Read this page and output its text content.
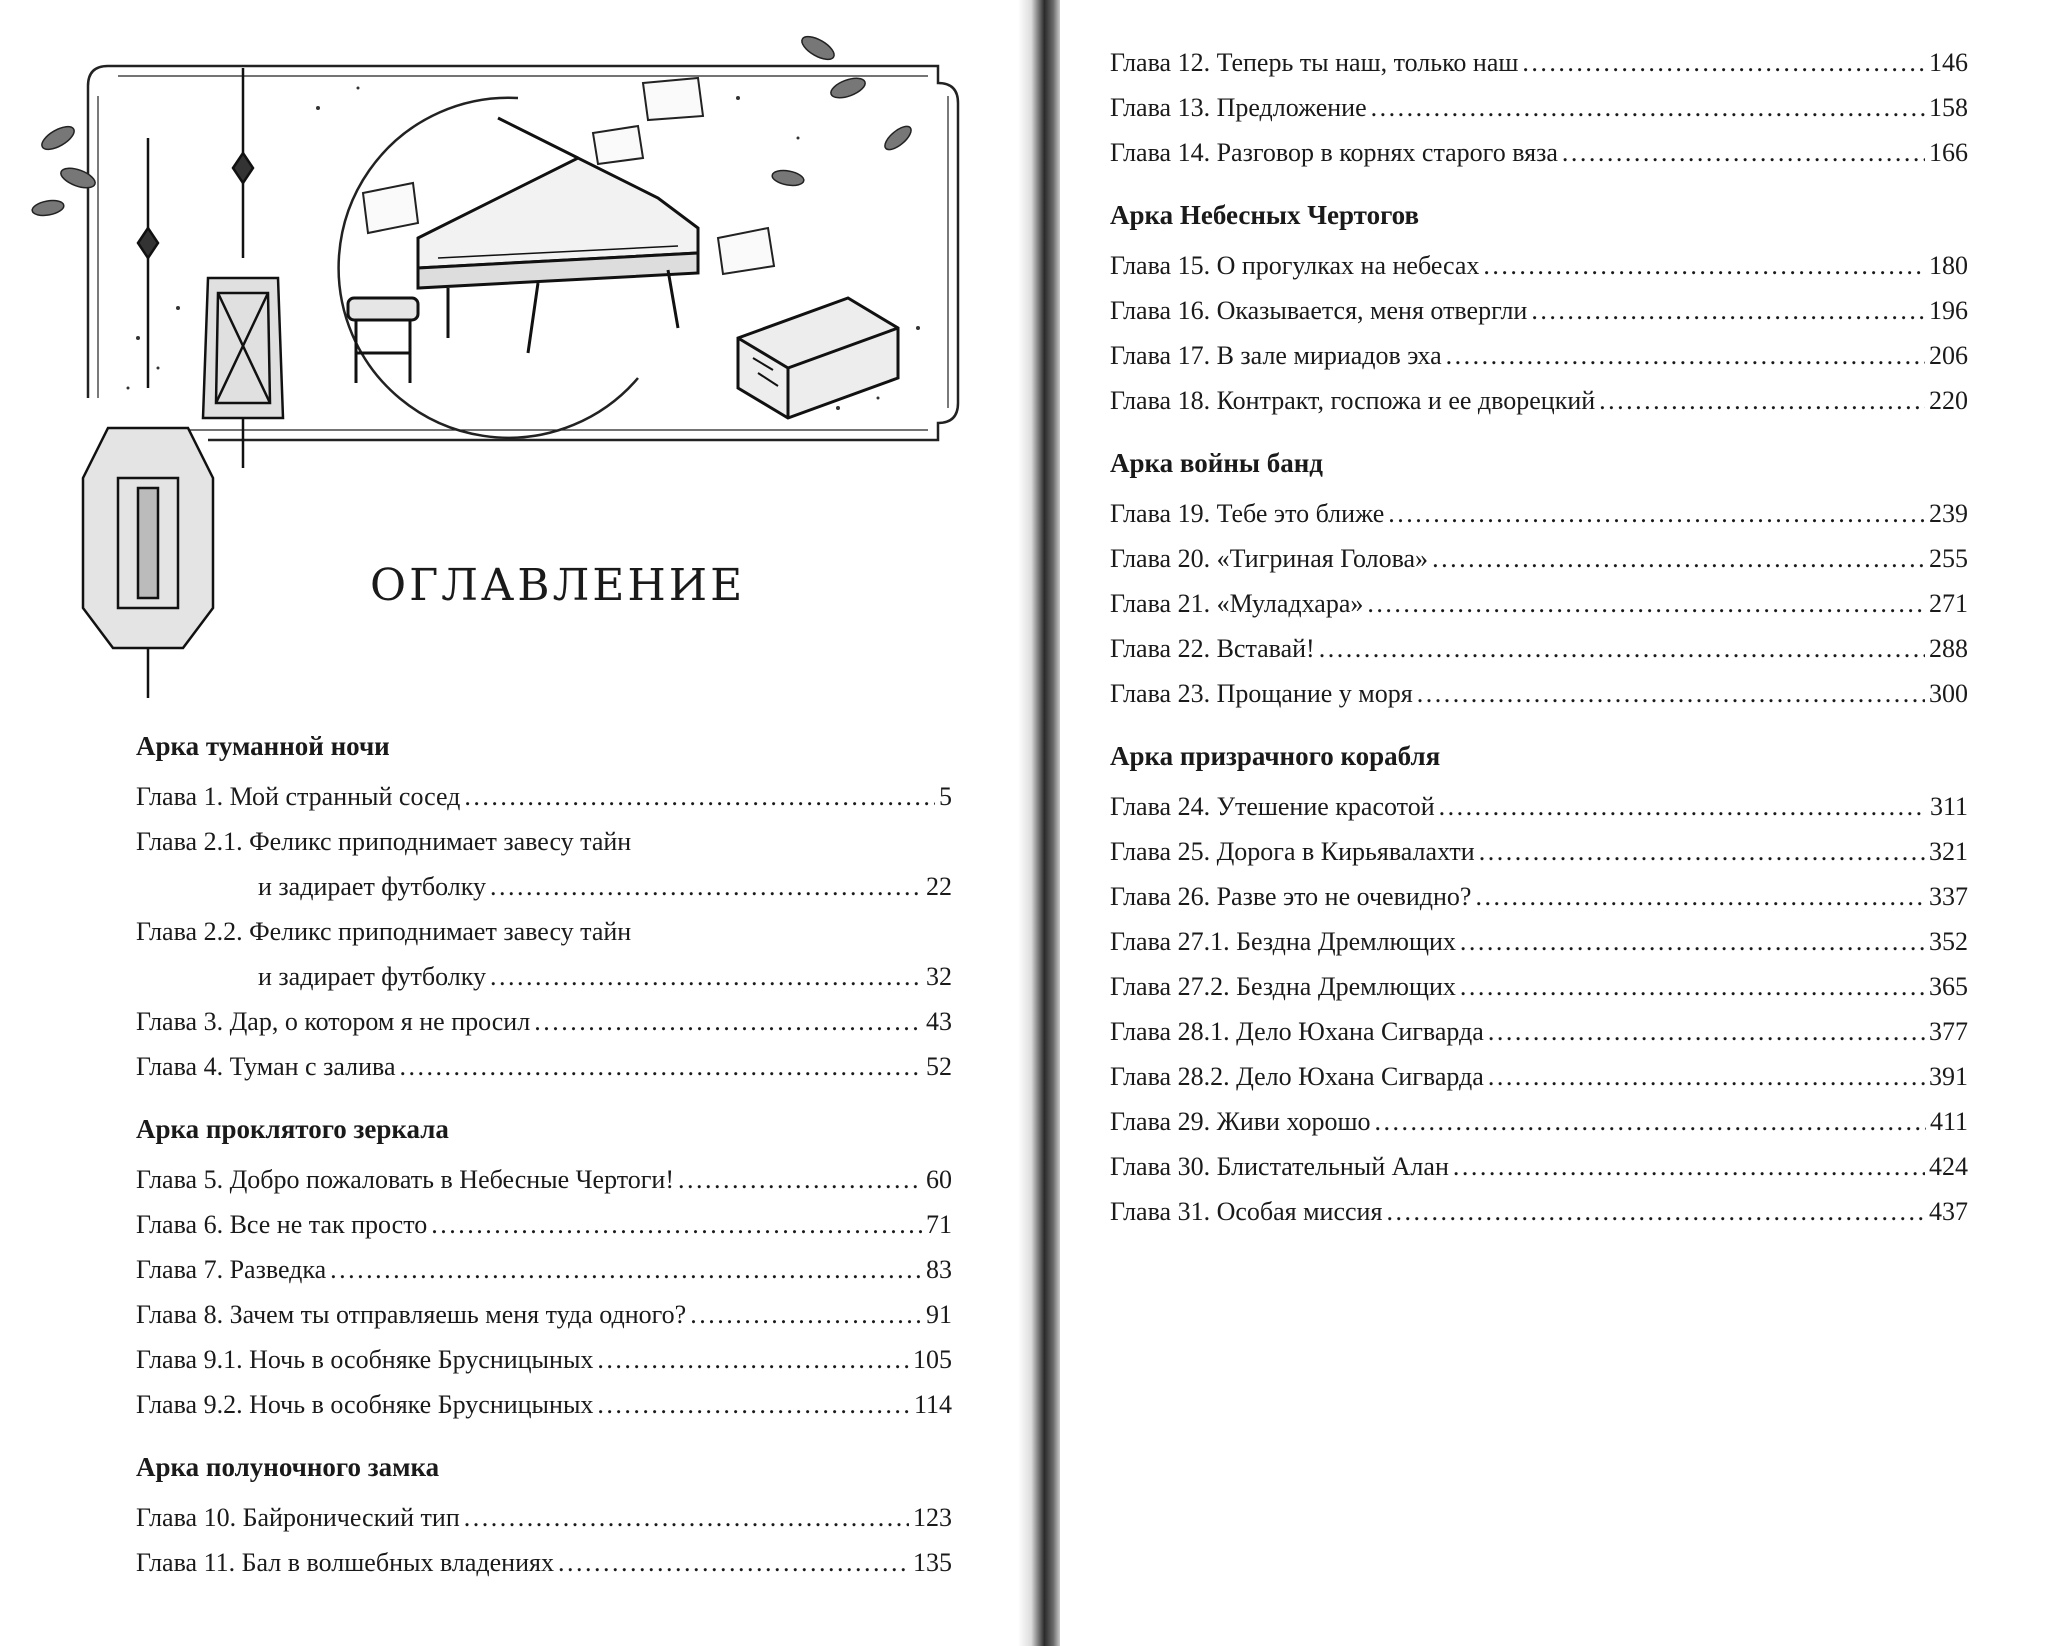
ОГЛАВЛЕНИЕ
Арка туманной ночи
Глава 1. Мой странный сосед . . .	5
Глава 2.1. Феликс приподнимает завесу тайн
и задирает футболку . . .	22
Глава 2.2. Феликс приподнимает завесу тайн
и задирает футболку . . .	32
Глава 3. Дар, о котором я не просил . . .	43
Глава 4. Туман с залива . . .	52
Арка проклятого зеркала
Глава 5. Добро пожаловать в Небесные Чертоги! . . .	60
Глава 6. Все не так просто . . .	71
Глава 7. Разведка . . .	83
Глава 8. Зачем ты отправляешь меня туда одного? . . .	91
Глава 9.1. Ночь в особняке Брусницыных . . .	105
Глава 9.2. Ночь в особняке Брусницыных . . .	114
Арка полуночного замка
Глава 10. Байронический тип . . .	123
Глава 11. Бал в волшебных владениях . . .	135
Глава 12. Теперь ты наш, только наш . . .	146
Глава 13. Предложение . . .	158
Глава 14. Разговор в корнях старого вяза . . .	166
Арка Небесных Чертогов
Глава 15. О прогулках на небесах . . .	180
Глава 16. Оказывается, меня отвергли . . .	196
Глава 17. В зале мириадов эха . . .	206
Глава 18. Контракт, госпожа и ее дворецкий . . .	220
Арка войны банд
Глава 19. Тебе это ближе . . .	239
Глава 20. «Тигриная Голова» . . .	255
Глава 21. «Муладхара» . . .	271
Глава 22. Вставай! . . .	288
Глава 23. Прощание у моря . . .	300
Арка призрачного корабля
Глава 24. Утешение красотой . . .	311
Глава 25. Дорога в Кирьявалахти . . .	321
Глава 26. Разве это не очевидно? . . .	337
Глава 27.1. Бездна Дремлющих . . .	352
Глава 27.2. Бездна Дремлющих . . .	365
Глава 28.1. Дело Юхана Сигварда . . .	377
Глава 28.2. Дело Юхана Сигварда . . .	391
Глава 29. Живи хорошо . . .	411
Глава 30. Блистательный Алан . . .	424
Глава 31. Особая миссия . . .	437
